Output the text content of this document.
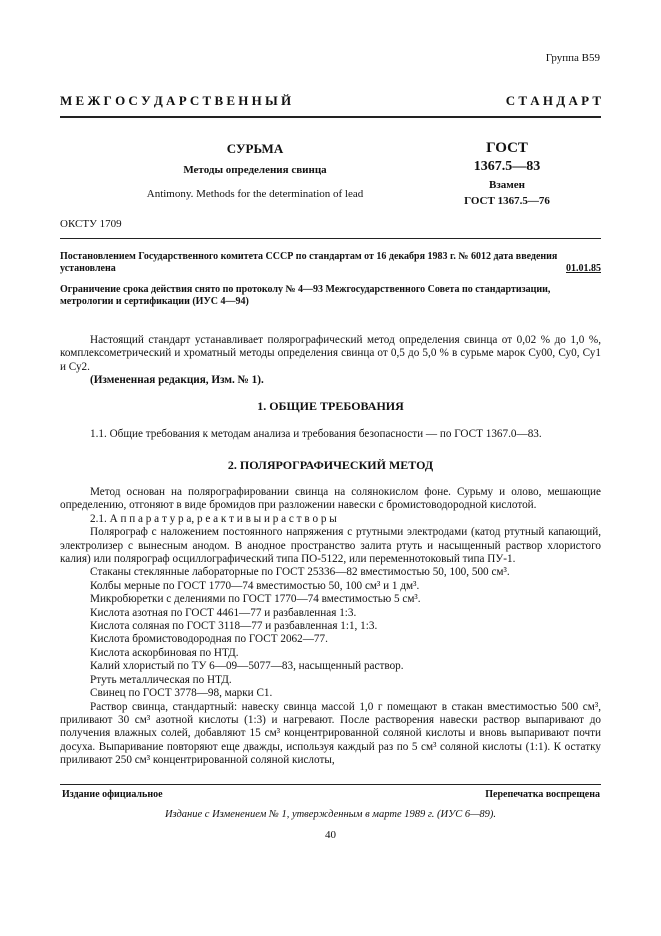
Группа В59
М Е Ж Г О С У Д А Р С Т В Е Н Н Ы Й	С Т А Н Д А Р Т
СУРЬМА
Методы определения свинца
Antimony. Methods for the determination of lead
ГОСТ
1367.5—83
Взамен
ГОСТ 1367.5—76
ОКСТУ 1709
Постановлением Государственного комитета СССР по стандартам от 16 декабря 1983 г. № 6012 дата введения установлена	01.01.85
Ограничение срока действия снято по протоколу № 4—93 Межгосударственного Совета по стандартизации, метрологии и сертификации (ИУС 4—94)

Настоящий стандарт устанавливает полярографический метод определения свинца от 0,02 % до 1,0 %, комплексометрический и хроматный методы определения свинца от 0,5 до 5,0 % в сурьме марок Су00, Су0, Су1 и Су2.

(Измененная редакция, Изм. № 1).

1. ОБЩИЕ ТРЕБОВАНИЯ

1.1. Общие требования к методам анализа и требования безопасности — по ГОСТ 1367.0—83.

2. ПОЛЯРОГРАФИЧЕСКИЙ МЕТОД

Метод основан на полярографировании свинца на солянокислом фоне. Сурьму и олово, мешающие определению, отгоняют в виде бромидов при разложении навески с бромистоводородной кислотой.

2.1. А п п а р а т у р а, р е а к т и в ы и р а с т в о р ы

Полярограф с наложением постоянного напряжения с ртутными электродами (катод ртутный капающий, электролизер с вынесным анодом. В анодное пространство залита ртуть и насыщенный раствор хлористого калия) или полярограф осциллографический типа ПО-5122, или переменнотоковый типа ПУ-1.

Стаканы стеклянные лабораторные по ГОСТ 25336—82 вместимостью 50, 100, 500 см³.

Колбы мерные по ГОСТ 1770—74 вместимостью 50, 100 см³ и 1 дм³.

Микробюретки с делениями по ГОСТ 1770—74 вместимостью 5 см³.

Кислота азотная по ГОСТ 4461—77 и разбавленная 1:3.

Кислота соляная по ГОСТ 3118—77 и разбавленная 1:1, 1:3.

Кислота бромистоводородная по ГОСТ 2062—77.

Кислота аскорбиновая по НТД.

Калий хлористый по ТУ 6—09—5077—83, насыщенный раствор.

Ртуть металлическая по НТД.

Свинец по ГОСТ 3778—98, марки С1.

Раствор свинца, стандартный: навеску свинца массой 1,0 г помещают в стакан вместимостью 500 см³, приливают 30 см³ азотной кислоты (1:3) и нагревают. После растворения навески раствор выпаривают до получения влажных солей, добавляют 15 см³ концентрированной соляной кислоты и вновь выпаривают почти досуха. Выпаривание повторяют еще дважды, используя каждый раз по 5 см³ соляной кислоты (1:1). К остатку приливают 250 см³ концентрированной соляной кислоты,

Издание официальное	Перепечатка воспрещена
Издание с Изменением № 1, утвержденным в марте 1989 г. (ИУС 6—89).
40
